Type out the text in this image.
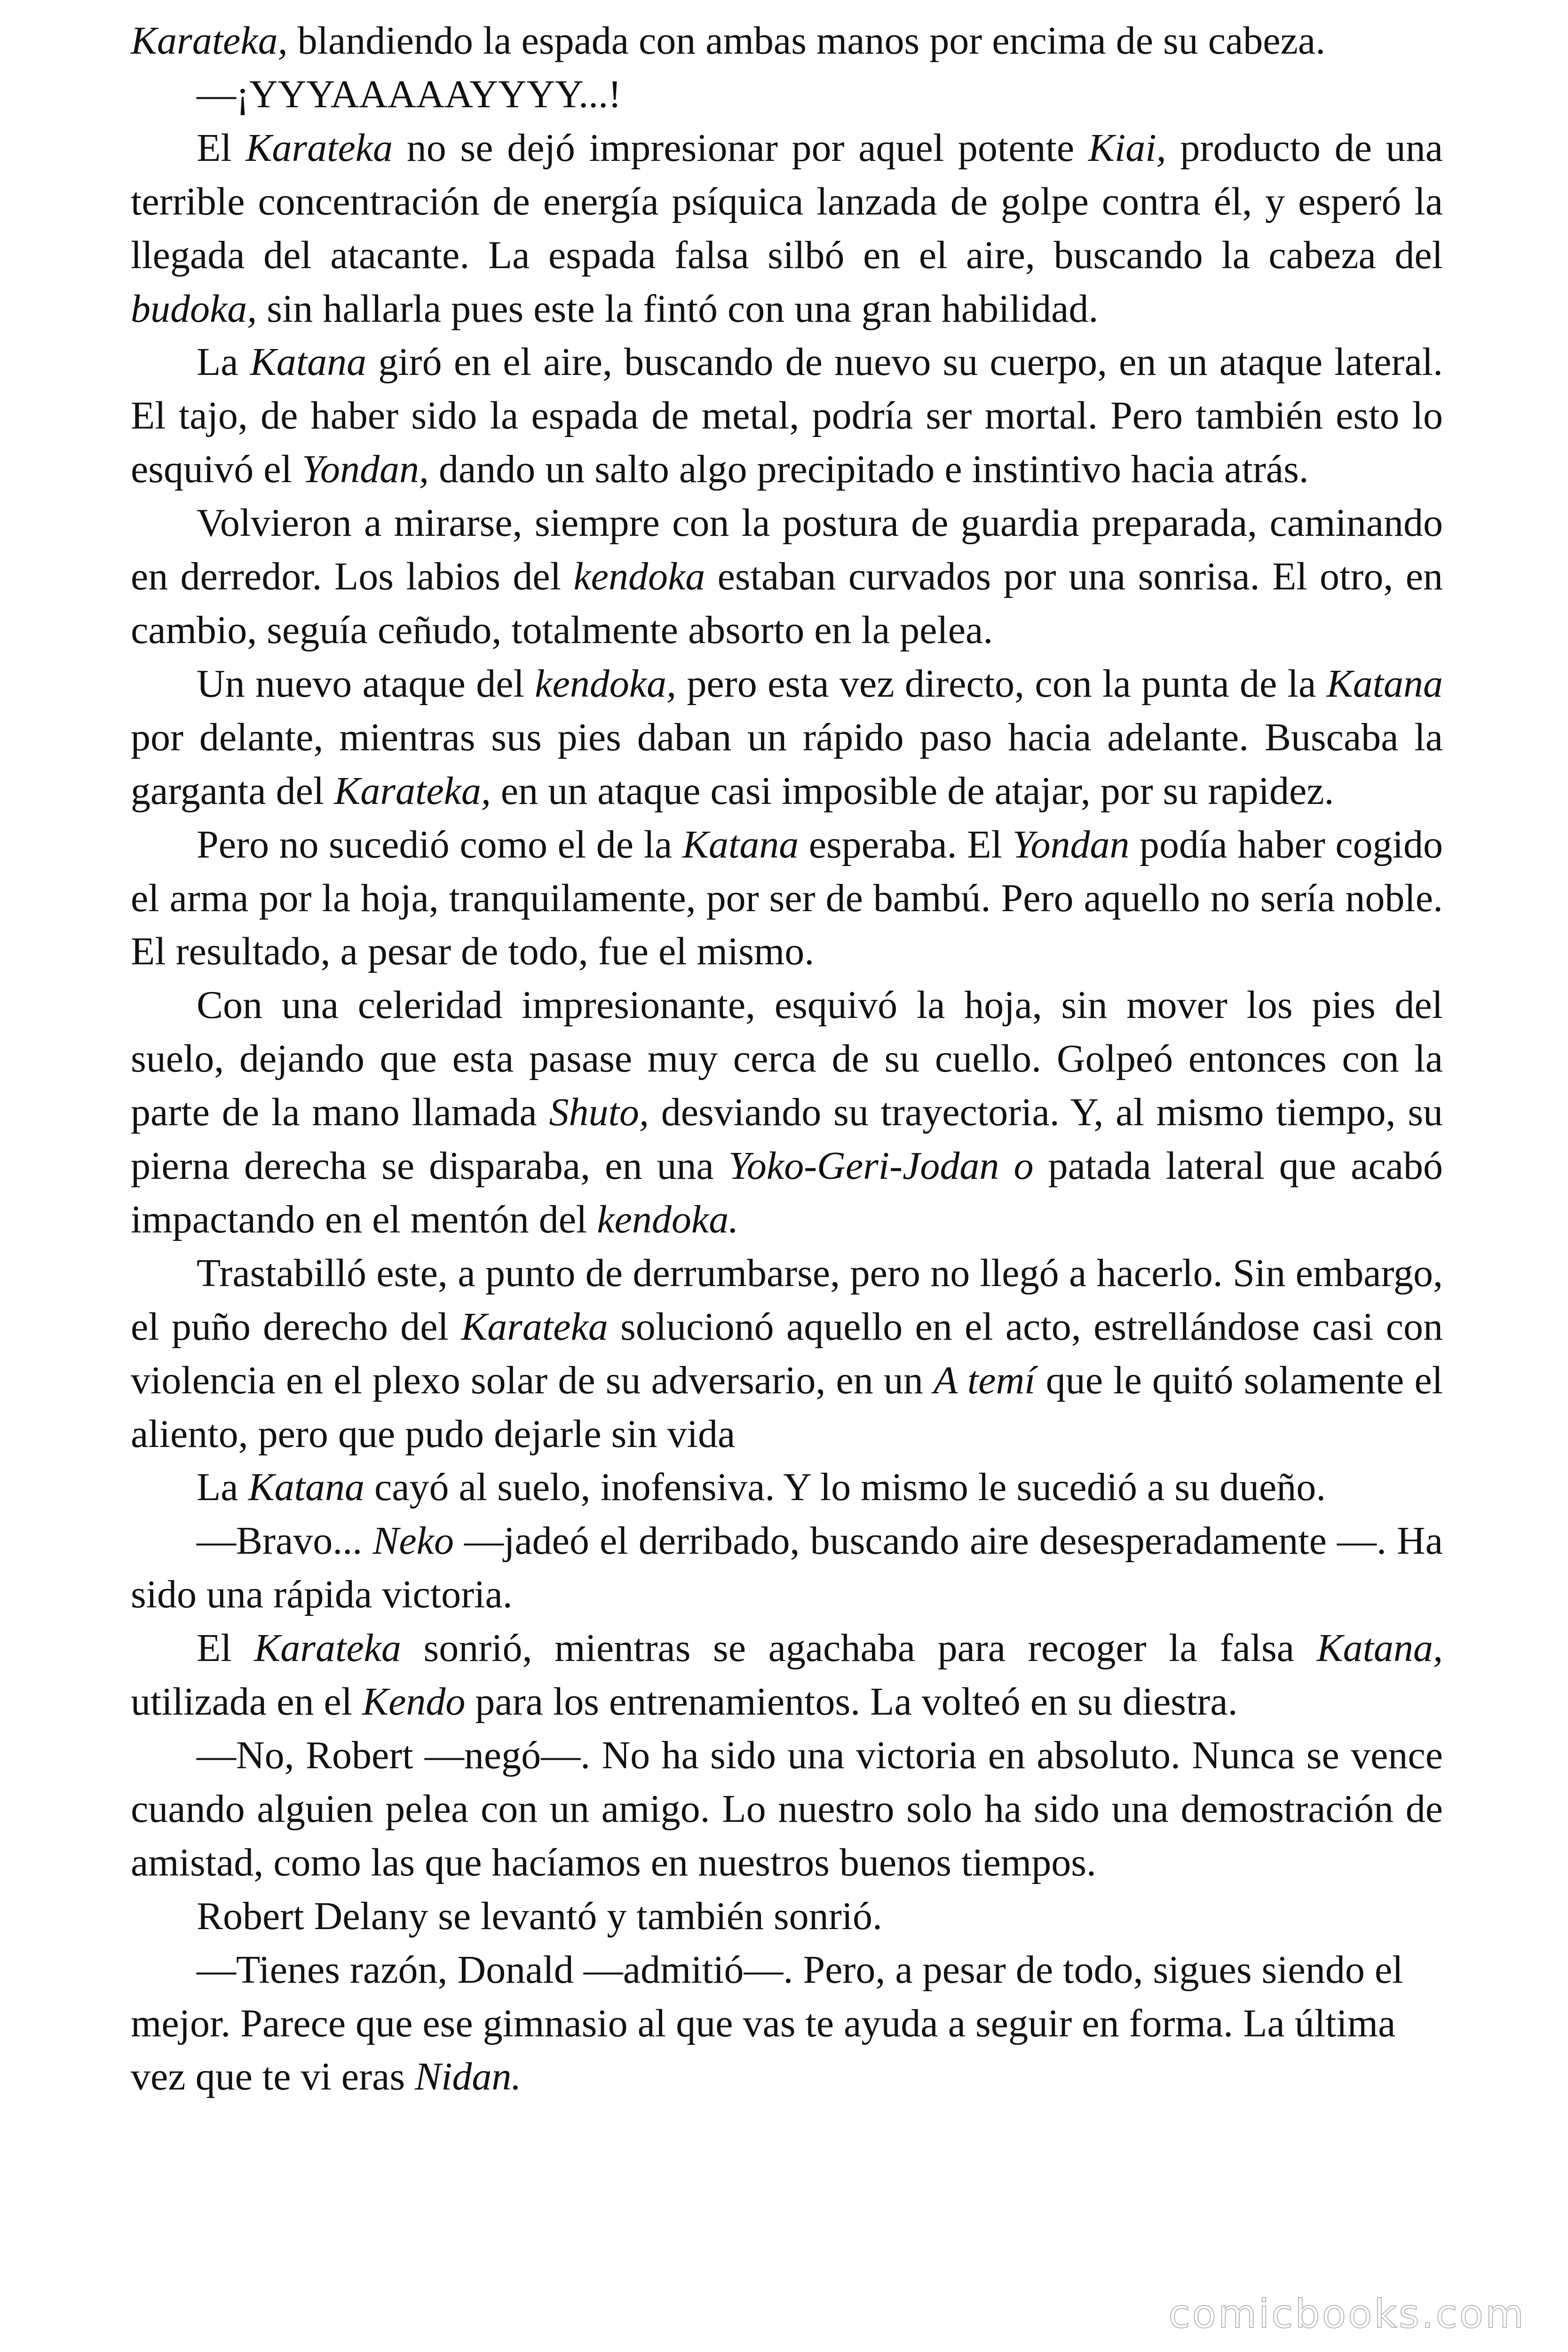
Karateka, blandiendo la espada con ambas manos por encima de su cabeza.

—¡YYYAAAAAYYYY...!

El Karateka no se dejó impresionar por aquel potente Kiai, producto de una terrible concentración de energía psíquica lanzada de golpe contra él, y esperó la llegada del atacante. La espada falsa silbó en el aire, buscando la cabeza del budoka, sin hallarla pues este la fintó con una gran habilidad.

La Katana giró en el aire, buscando de nuevo su cuerpo, en un ataque lateral. El tajo, de haber sido la espada de metal, podría ser mortal. Pero también esto lo esquivó el Yondan, dando un salto algo precipitado e instintivo hacia atrás.

Volvieron a mirarse, siempre con la postura de guardia preparada, caminando en derredor. Los labios del kendoka estaban curvados por una sonrisa. El otro, en cambio, seguía ceñudo, totalmente absorto en la pelea.

Un nuevo ataque del kendoka, pero esta vez directo, con la punta de la Katana por delante, mientras sus pies daban un rápido paso hacia adelante. Buscaba la garganta del Karateka, en un ataque casi imposible de atajar, por su rapidez.

Pero no sucedió como el de la Katana esperaba. El Yondan podía haber cogido el arma por la hoja, tranquilamente, por ser de bambú. Pero aquello no sería noble. El resultado, a pesar de todo, fue el mismo.

Con una celeridad impresionante, esquivó la hoja, sin mover los pies del suelo, dejando que esta pasase muy cerca de su cuello. Golpeó entonces con la parte de la mano llamada Shuto, desviando su trayectoria. Y, al mismo tiempo, su pierna derecha se disparaba, en una Yoko-Geri-Jodan o patada lateral que acabó impactando en el mentón del kendoka.

Trastabilló este, a punto de derrumbarse, pero no llegó a hacerlo. Sin embargo, el puño derecho del Karateka solucionó aquello en el acto, estrellándose casi con violencia en el plexo solar de su adversario, en un A temí que le quitó solamente el aliento, pero que pudo dejarle sin vida

La Katana cayó al suelo, inofensiva. Y lo mismo le sucedió a su dueño.

—Bravo... Neko —jadeó el derribado, buscando aire desesperadamente —. Ha sido una rápida victoria.

El Karateka sonrió, mientras se agachaba para recoger la falsa Katana, utilizada en el Kendo para los entrenamientos. La volteó en su diestra.

—No, Robert —negó—. No ha sido una victoria en absoluto. Nunca se vence cuando alguien pelea con un amigo. Lo nuestro solo ha sido una demostración de amistad, como las que hacíamos en nuestros buenos tiempos.

Robert Delany se levantó y también sonrió.

—Tienes razón, Donald —admitió—. Pero, a pesar de todo, sigues siendo el mejor. Parece que ese gimnasio al que vas te ayuda a seguir en forma. La última vez que te vi eras Nidan.

comicbooks.com
